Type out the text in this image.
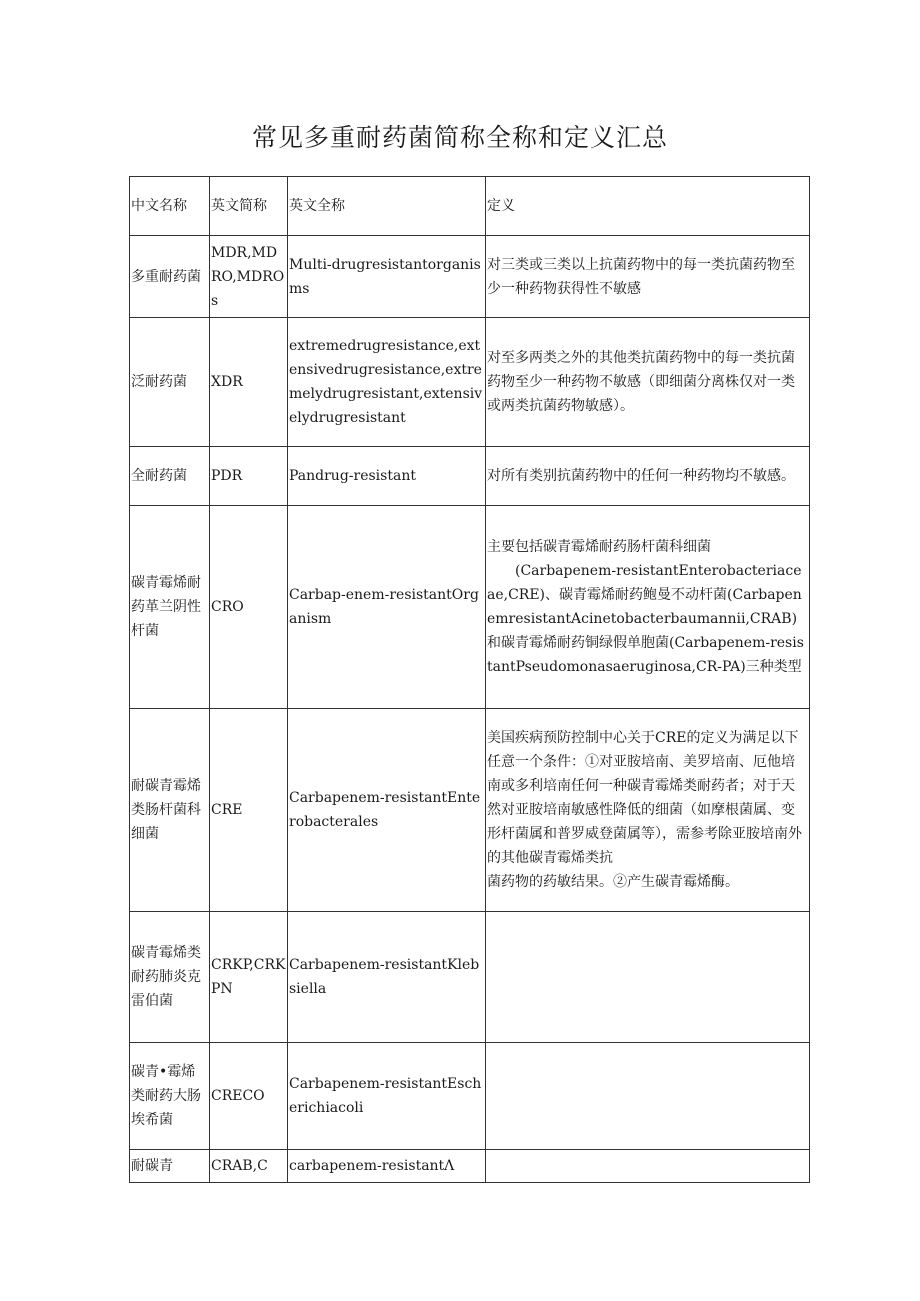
常见多重耐药菌简称全称和定义汇总
中文名称	英文简称	英文全称	定义
多重耐药菌	MDR,MDRO,MDROs	Multi-drugresistantorganisms	对三类或三类以上抗菌药物中的每一类抗菌药物至少一种药物获得性不敏感
泛耐药菌	XDR	extremedrugresistance,extensivedrugresistance,extremelydrugresistant,extensivelydrugresistant	对至多两类之外的其他类抗菌药物中的每一类抗菌药物至少一种药物不敏感（即细菌分离株仅对一类或两类抗菌药物敏感）。
全耐药菌	PDR	Pandrug-resistant	对所有类别抗菌药物中的任何一种药物均不敏感。
碳青霉烯耐药革兰阴性杆菌	CRO	Carbap-enem-resistantOrganism	主要包括碳青霉烯耐药肠杆菌科细菌
(Carbapenem-resistantEnterobacteriaceae,CRE)、碳青霉烯耐药鲍曼不动杆菌(CarbapenemresistantAcinetobacterbaumannii,CRAB)和碳青霉烯耐药铜绿假单胞菌(Carbapenem-resistantPseudomonasaeruginosa,CR-PA)三种类型

耐碳青霉烯类肠杆菌科细菌	CRE	Carbapenem-resistantEnterobacterales	美国疾病预防控制中心关于CRE的定义为满足以下任意一个条件：①对亚胺培南、美罗培南、厄他培南或多利培南任何一种碳青霉烯类耐药者；对于天然对亚胺培南敏感性降低的细菌（如摩根菌属、变形杆菌属和普罗威登菌属等），需参考除亚胺培南外的其他碳青霉烯类抗
菌药物的药敏结果。②产生碳青霉烯酶。

碳青霉烯类耐药肺炎克雷伯菌	CRKP,CRKPN	Carbapenem-resistantKlebsiella	
碳青•霉烯类耐药大肠埃希菌	CRECO	Carbapenem-resistantEscherichiacoli	
耐碳青	CRAB,C	carbapenem-resistantΛ	
